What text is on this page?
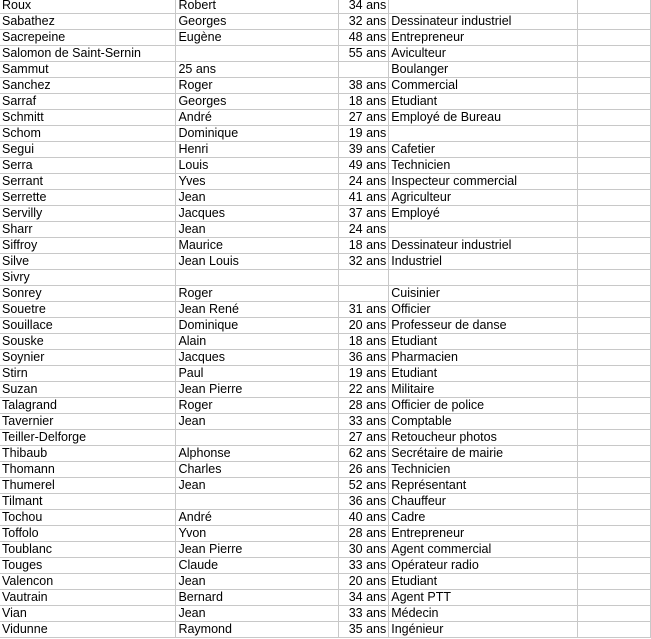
Roux	Robert	34 ans		
Sabathez	Georges	32 ans	Dessinateur industriel	
Sacrepeine	Eugène	48 ans	Entrepreneur	
Salomon de Saint-Sernin		55 ans	Aviculteur	
Sammut	25 ans		Boulanger	
Sanchez	Roger	38 ans	Commercial	
Sarraf	Georges	18 ans	Etudiant	
Schmitt	André	27 ans	Employé de Bureau	
Schom	Dominique	19 ans		
Segui	Henri	39 ans	Cafetier	
Serra	Louis	49 ans	Technicien	
Serrant	Yves	24 ans	Inspecteur commercial	
Serrette	Jean	41 ans	Agriculteur	
Servilly	Jacques	37 ans	Employé	
Sharr	Jean	24 ans		
Siffroy	Maurice	18 ans	Dessinateur industriel	
Silve	Jean Louis	32 ans	Industriel	
Sivry				
Sonrey	Roger		Cuisinier	
Souetre	Jean René	31 ans	Officier	
Souillace	Dominique	20 ans	Professeur de danse	
Souske	Alain	18 ans	Etudiant	
Soynier	Jacques	36 ans	Pharmacien	
Stirn	Paul	19 ans	Etudiant	
Suzan	Jean Pierre	22 ans	Militaire	
Talagrand	Roger	28 ans	Officier de police	
Tavernier	Jean	33 ans	Comptable	
Teiller-Delforge		27 ans	Retoucheur photos	
Thibaub	Alphonse	62 ans	Secrétaire de mairie	
Thomann	Charles	26 ans	Technicien	
Thumerel	Jean	52 ans	Représentant	
Tilmant		36 ans	Chauffeur	
Tochou	André	40 ans	Cadre	
Toffolo	Yvon	28 ans	Entrepreneur	
Toublanc	Jean Pierre	30 ans	Agent commercial	
Touges	Claude	33 ans	Opérateur radio	
Valencon	Jean	20 ans	Etudiant	
Vautrain	Bernard	34 ans	Agent PTT	
Vian	Jean	33 ans	Médecin	
Vidunne	Raymond	35 ans	Ingénieur	
